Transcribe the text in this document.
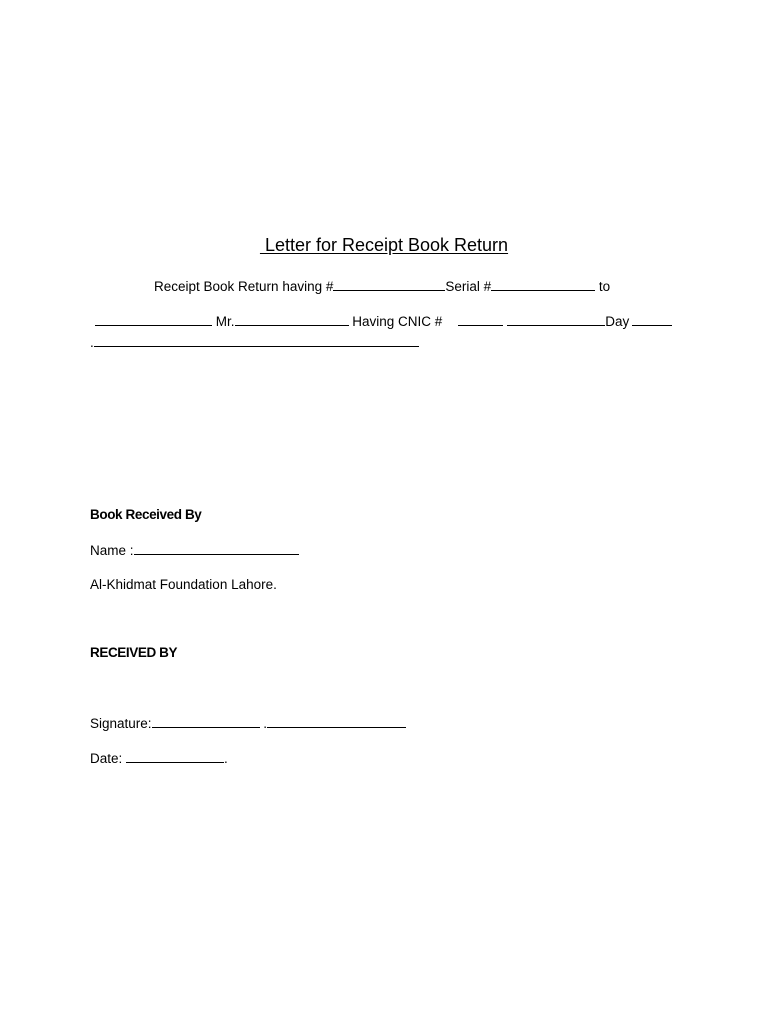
Letter for Receipt Book Return
Receipt Book Return having #	Serial #	to
Mr.	Having CNIC #	Day
.
Book Received By
Name :
Al-Khidmat Foundation Lahore.
RECEIVED BY
Signature:	.
Date:	.
